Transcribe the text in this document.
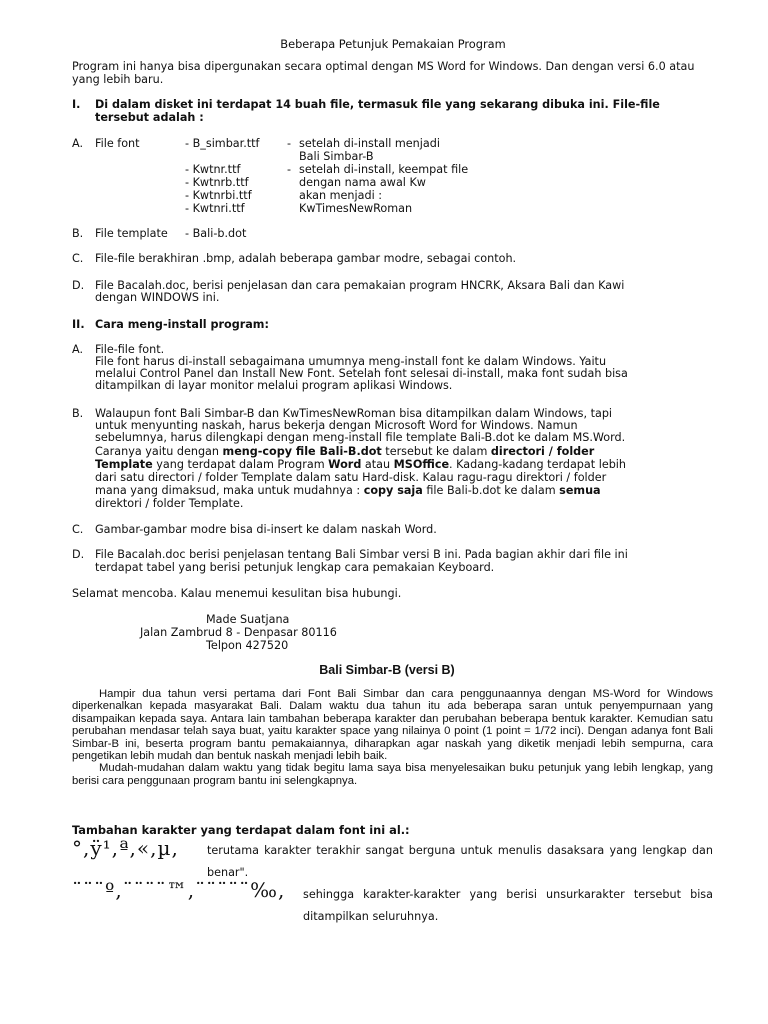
Beberapa Petunjuk Pemakaian Program
Program ini hanya bisa dipergunakan secara optimal dengan MS Word for Windows. Dan dengan versi 6.0 atau yang lebih baru.
I. Di dalam disket ini terdapat 14 buah file, termasuk file yang sekarang dibuka ini. File-file tersebut adalah :
A. File font	- B_simbar.ttf
- Kwtnr.ttf
- Kwtnrb.ttf
- Kwtnrbi.ttf
- Kwtnri.ttf
-
-
setelah di-install menjadi
Bali Simbar-B
setelah di-install, keempat file
dengan nama awal Kw
akan menjadi :
KwTimesNewRoman
B. File template - Bali-b.dot
C. File-file berakhiran .bmp, adalah beberapa gambar modre, sebagai contoh.
D. File Bacalah.doc, berisi penjelasan dan cara pemakaian program HNCRK, Aksara Bali dan Kawi
dengan WINDOWS ini.
II. Cara meng-install program:
A. File-file font.
File font harus di-install sebagaimana umumnya meng-install font ke dalam Windows. Yaitu
melalui Control Panel dan Install New Font. Setelah font selesai di-install, maka font sudah bisa
ditampilkan di layar monitor melalui program aplikasi Windows.
B. Walaupun font Bali Simbar-B dan KwTimesNewRoman bisa ditampilkan dalam Windows, tapi
untuk menyunting naskah, harus bekerja dengan Microsoft Word for Windows. Namun
sebelumnya, harus dilengkapi dengan meng-install file template Bali-B.dot ke dalam MS.Word.
Caranya yaitu dengan meng-copy file Bali-B.dot tersebut ke dalam directori / folder
Template yang terdapat dalam Program Word atau MSOffice. Kadang-kadang terdapat lebih
dari satu directori / folder Template dalam satu Hard-disk. Kalau ragu-ragu direktori / folder
mana yang dimaksud, maka untuk mudahnya : copy saja file Bali-b.dot ke dalam semua
direktori / folder Template.
C. Gambar-gambar modre bisa di-insert ke dalam naskah Word.
D. File Bacalah.doc berisi penjelasan tentang Bali Simbar versi B ini. Pada bagian akhir dari file ini
terdapat tabel yang berisi petunjuk lengkap cara pemakaian Keyboard.
Selamat mencoba. Kalau menemui kesulitan bisa hubungi.
Made Suatjana
Jalan Zambrud 8 - Denpasar 80116
Telpon 427520
Bali Simbar-B (versi B)
Hampir dua tahun versi pertama dari Font Bali Simbar dan cara penggunaannya dengan MS-Word for Windows diperkenalkan kepada masyarakat Bali. Dalam waktu dua tahun itu ada beberapa saran untuk penyempurnaan yang disampaikan kepada saya. Antara lain tambahan beberapa karakter dan perubahan beberapa bentuk karakter. Kemudian satu perubahan mendasar telah saya buat, yaitu karakter space yang nilainya 0 point (1 point = 1/72 inci). Dengan adanya font Bali Simbar-B ini, beserta program bantu pemakaiannya, diharapkan agar naskah yang diketik menjadi lebih sempurna, cara pengetikan lebih mudah dan bentuk naskah menjadi lebih baik.
Mudah-mudahan dalam waktu yang tidak begitu lama saya bisa menyelesaikan buku petunjuk yang lebih lengkap, yang berisi cara penggunaan program bantu ini selengkapnya.
Tambahan karakter yang terdapat dalam font ini al.:
°,ÿ¹,ª,«,µ,	terutama karakter terakhir sangat berguna untuk menulis dasaksara yang lengkap dan benar".
¨¨¨º,¨¨¨¨™,¨¨¨¨¨‰, sehingga karakter-karakter yang berisi unsurkarakter tersebut bisa ditampilkan seluruhnya.
